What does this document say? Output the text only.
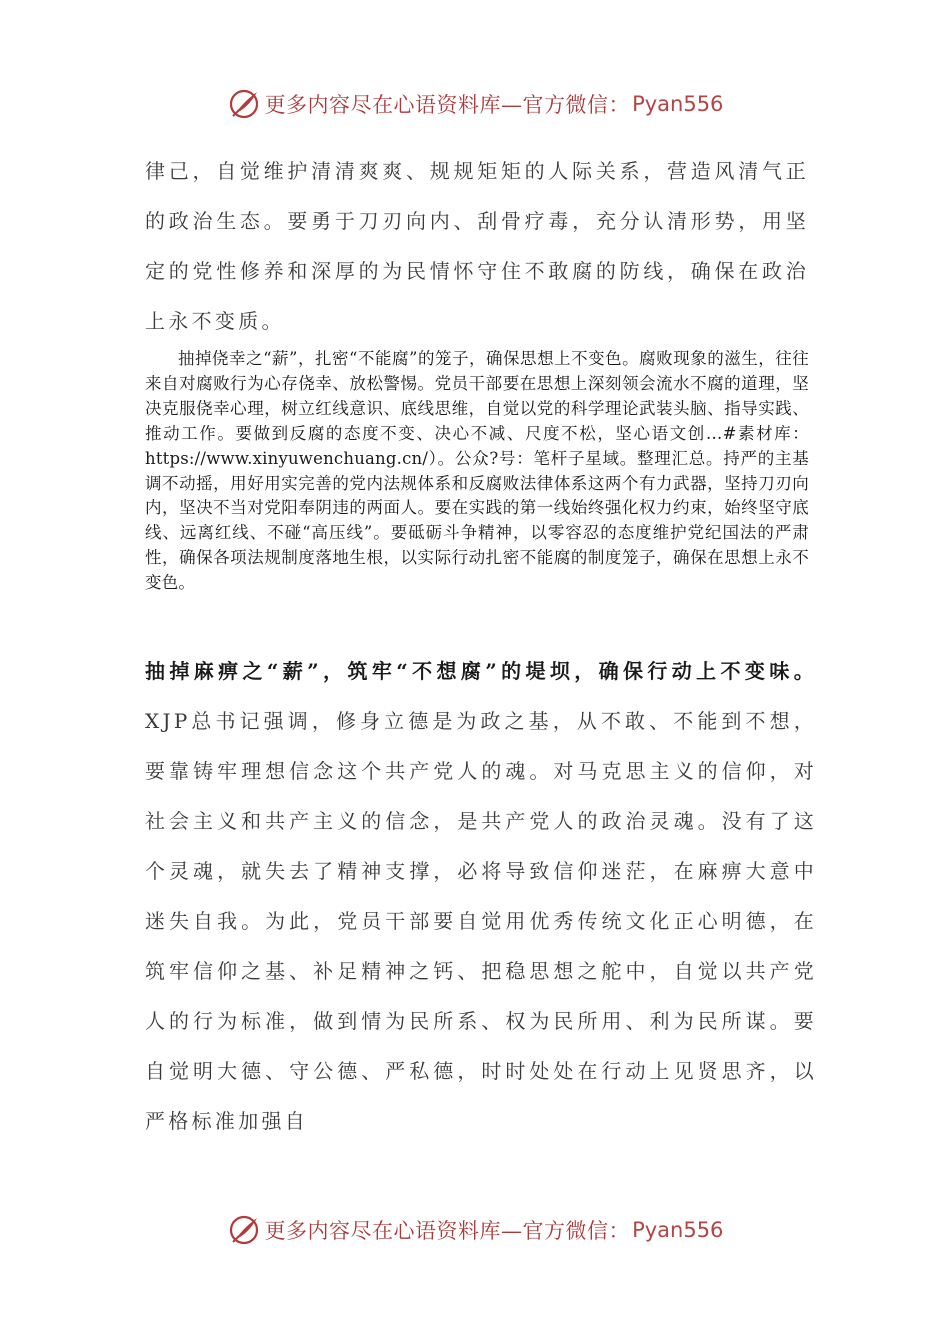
更多内容尽在心语资料库—官方微信： Pyan556

律己，自觉维护清清爽爽、规规矩矩的人际关系，营造风清气正的政治生态。要勇于刀刃向内、刮骨疗毒，充分认清形势，用坚定的党性修养和深厚的为民情怀守住不敢腐的防线，确保在政治上永不变质。

抽掉侥幸之“薪”，扎密“不能腐”的笼子，确保思想上不变色。腐败现象的滋生，往往来自对腐败行为心存侥幸、放松警惕。党员干部要在思想上深刻领会流水不腐的道理，坚决克服侥幸心理，树立红线意识、底线思维，自觉以党的科学理论武装头脑、指导实践、推动工作。要做到反腐的态度不变、决心不减、尺度不松，坚心语文创…#素材库：https://www.xinyuwenchuang.cn/）。公众?号：笔杆子星域。整理汇总。持严的主基调不动摇，用好用实完善的党内法规体系和反腐败法律体系这两个有力武器，坚持刀刃向内，坚决不当对党阳奉阴违的两面人。要在实践的第一线始终强化权力约束，始终坚守底线、远离红线、不碰“高压线”。要砥砺斗争精神，以零容忍的态度维护党纪国法的严肃性，确保各项法规制度落地生根，以实际行动扎密不能腐的制度笼子，确保在思想上永不变色。

抽掉麻痹之“薪”，筑牢“不想腐”的堤坝，确保行动上不变味。XJP总书记强调，修身立德是为政之基，从不敢、不能到不想，要靠铸牢理想信念这个共产党人的魂。对马克思主义的信仰，对社会主义和共产主义的信念，是共产党人的政治灵魂。没有了这个灵魂，就失去了精神支撑，必将导致信仰迷茫，在麻痹大意中迷失自我。为此，党员干部要自觉用优秀传统文化正心明德，在筑牢信仰之基、补足精神之钙、把稳思想之舵中，自觉以共产党人的行为标准，做到情为民所系、权为民所用、利为民所谋。要自觉明大德、守公德、严私德，时时处处在行动上见贤思齐，以严格标准加强自

更多内容尽在心语资料库—官方微信： Pyan556
